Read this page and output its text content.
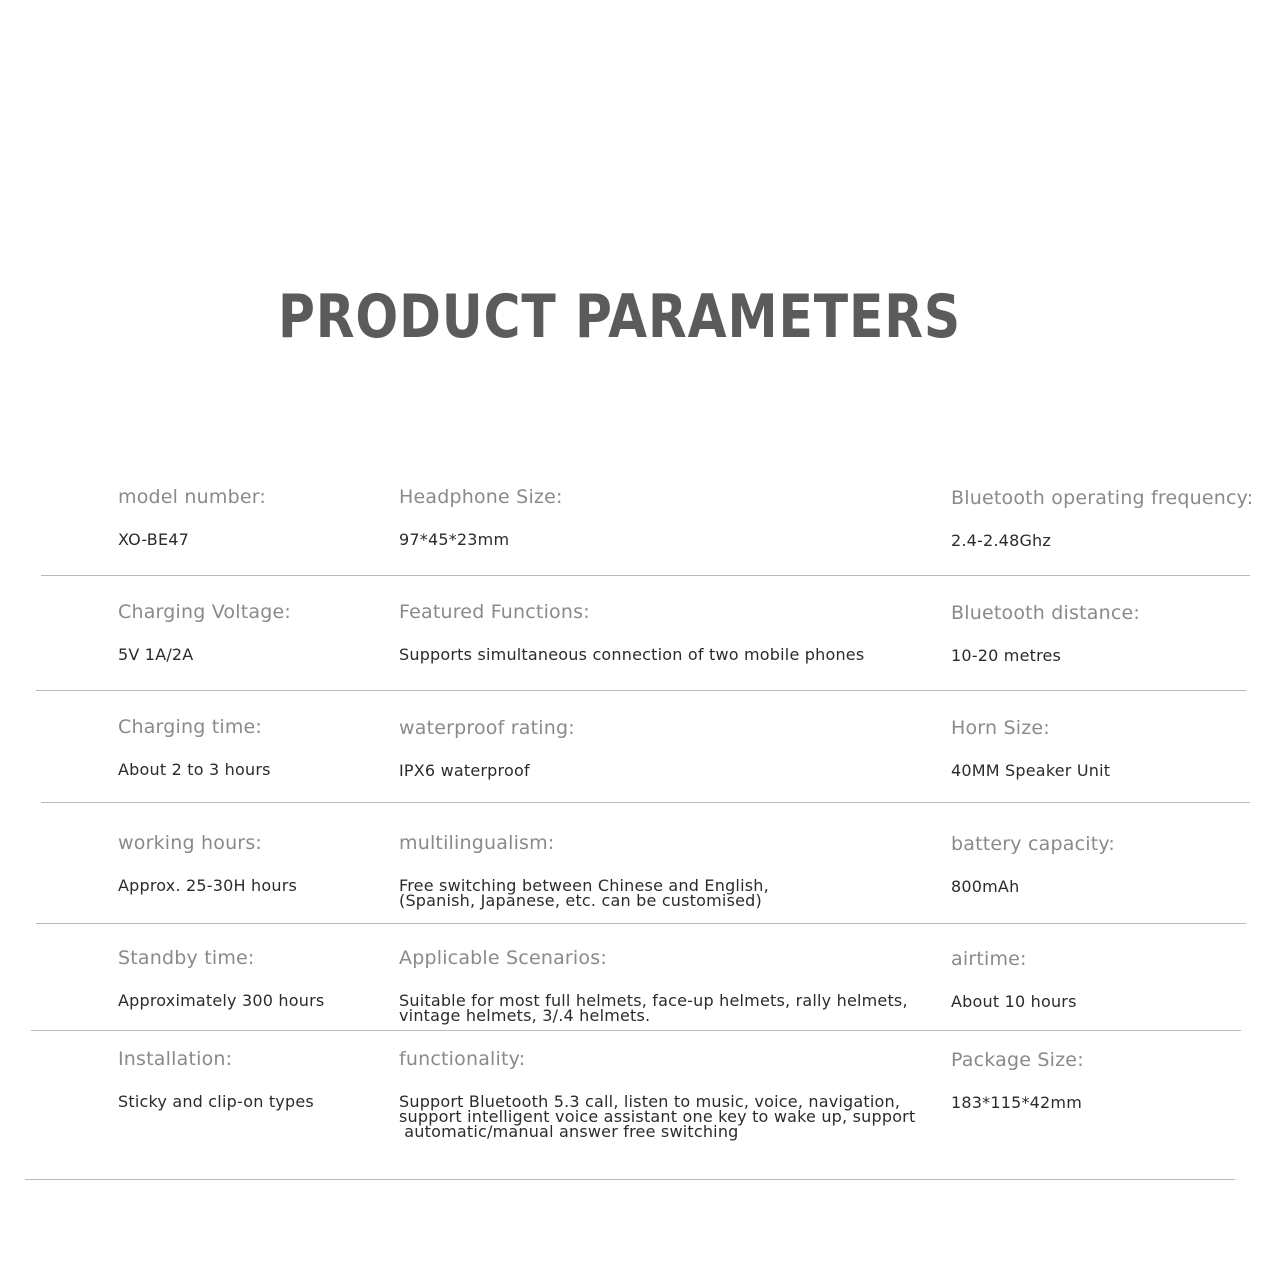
PRODUCT PARAMETERS
model number:
XO-BE47
Headphone Size:
97*45*23mm
Bluetooth operating frequency:
2.4-2.48Ghz
Charging Voltage:
5V 1A/2A
Featured Functions:
Supports simultaneous connection of two mobile phones
Bluetooth distance:
10-20 metres
Charging time:
About 2 to 3 hours
waterproof rating:
IPX6 waterproof
Horn Size:
40MM Speaker Unit
working hours:
Approx. 25-30H hours
multilingualism:
Free switching between Chinese and English,
(Spanish, Japanese, etc. can be customised)
battery capacity:
800mAh
Standby time:
Approximately 300 hours
Applicable Scenarios:
Suitable for most full helmets, face-up helmets, rally helmets,
vintage helmets, 3/.4 helmets.
airtime:
About 10 hours
Installation:
Sticky and clip-on types
functionality:
Support Bluetooth 5.3 call, listen to music, voice, navigation,
support intelligent voice assistant one key to wake up, support
automatic/manual answer free switching
Package Size:
183*115*42mm
